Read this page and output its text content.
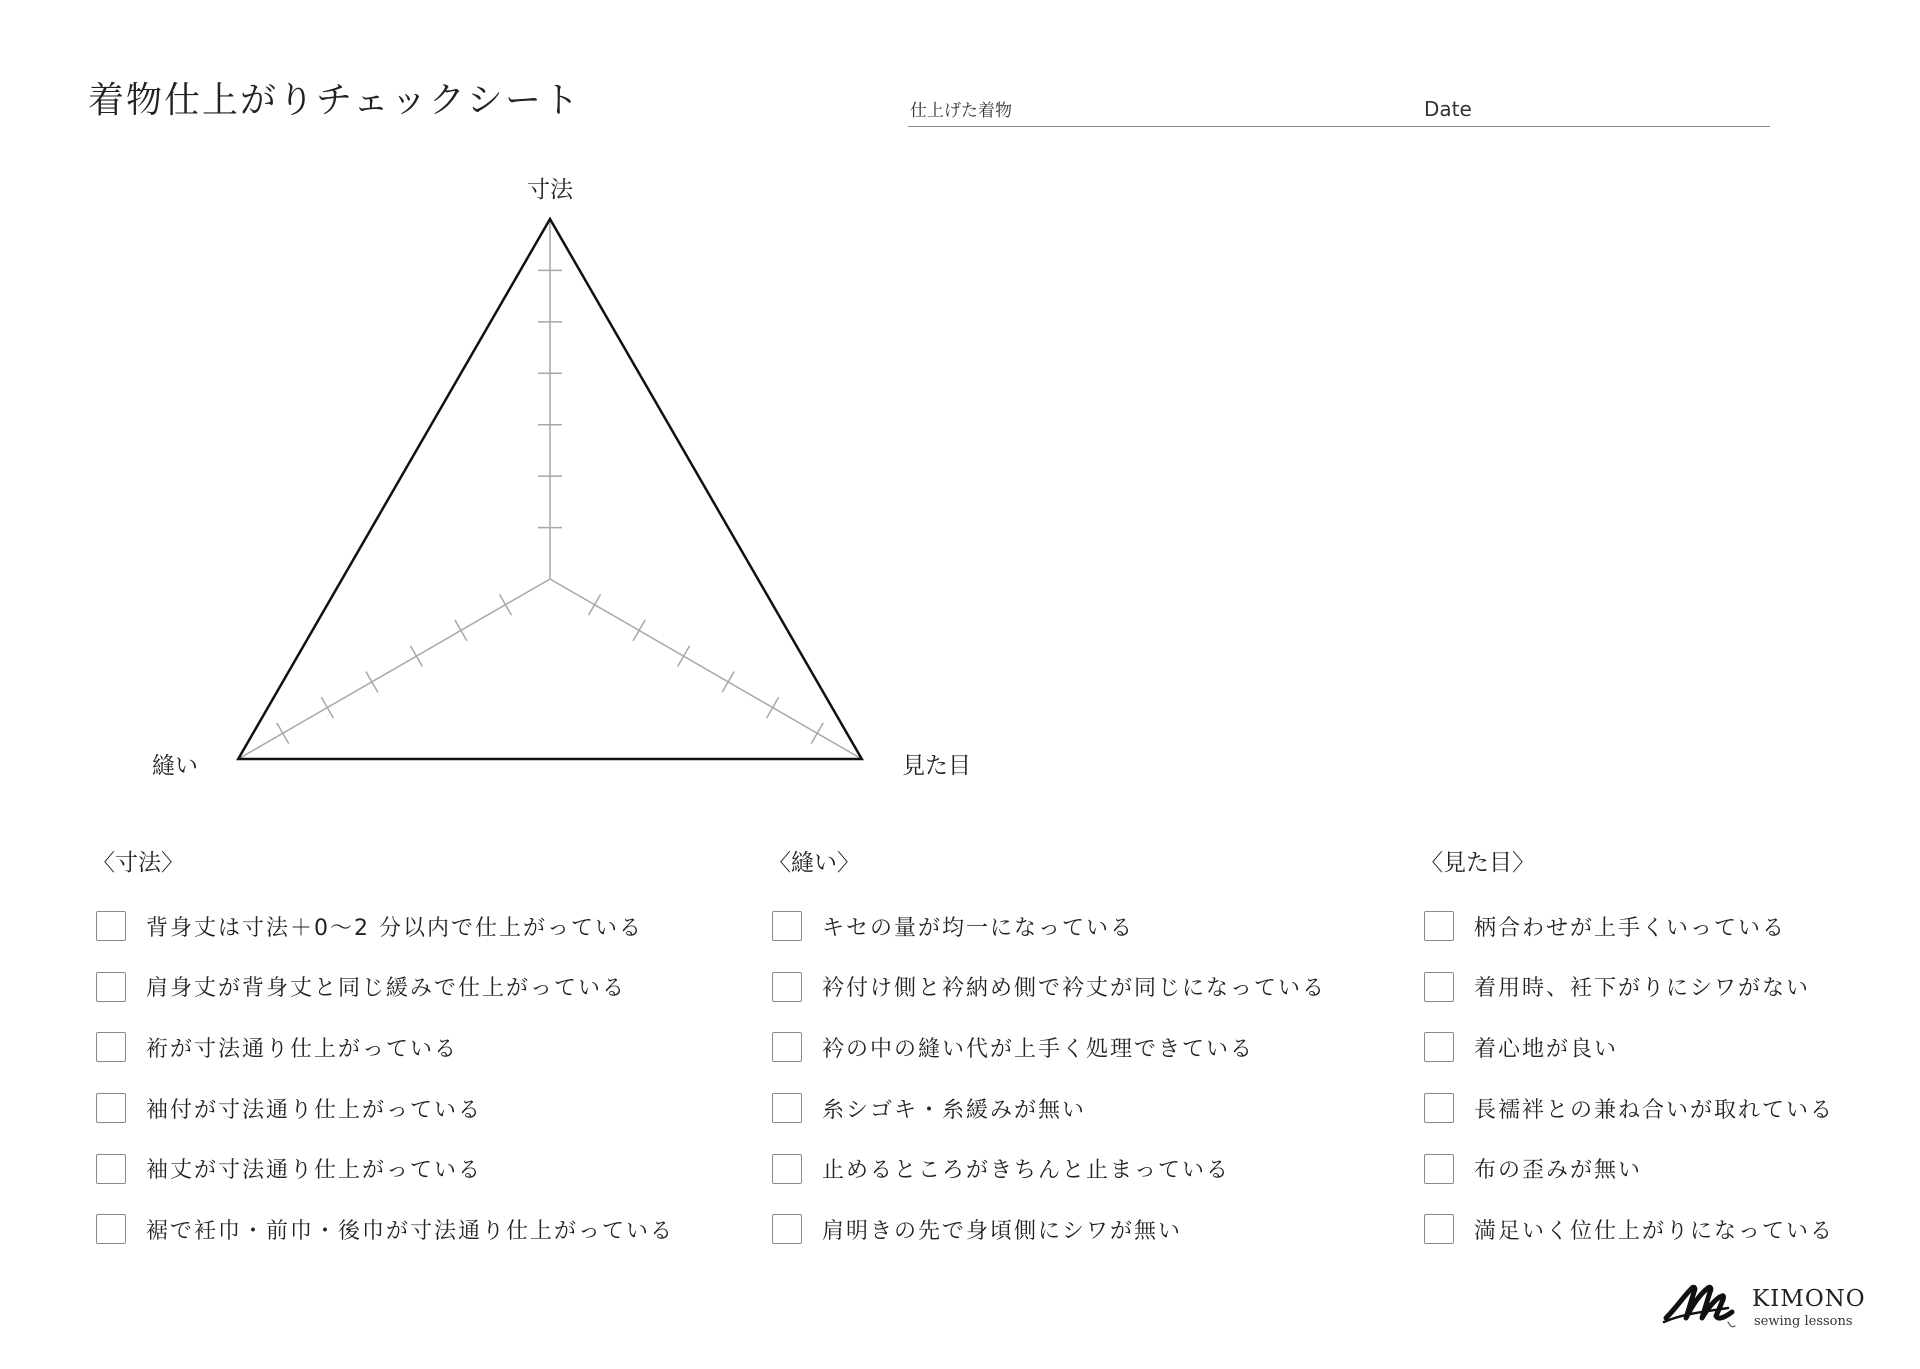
着物仕上がりチェックシート	仕上げた着物	Date
寸法
見た目
縫い
〈寸法〉
背身丈は寸法＋0〜2 分以内で仕上がっている
肩身丈が背身丈と同じ緩みで仕上がっている
裄が寸法通り仕上がっている
袖付が寸法通り仕上がっている
袖丈が寸法通り仕上がっている
裾で衽巾・前巾・後巾が寸法通り仕上がっている
〈縫い〉
キセの量が均一になっている
衿付け側と衿納め側で衿丈が同じになっている
衿の中の縫い代が上手く処理できている
糸シゴキ・糸緩みが無い
止めるところがきちんと止まっている
肩明きの先で身頃側にシワが無い
〈見た目〉
柄合わせが上手くいっている
着用時、衽下がりにシワがない
着心地が良い
長襦袢との兼ね合いが取れている
布の歪みが無い
満足いく位仕上がりになっている
KIMONO
sewing lessons
